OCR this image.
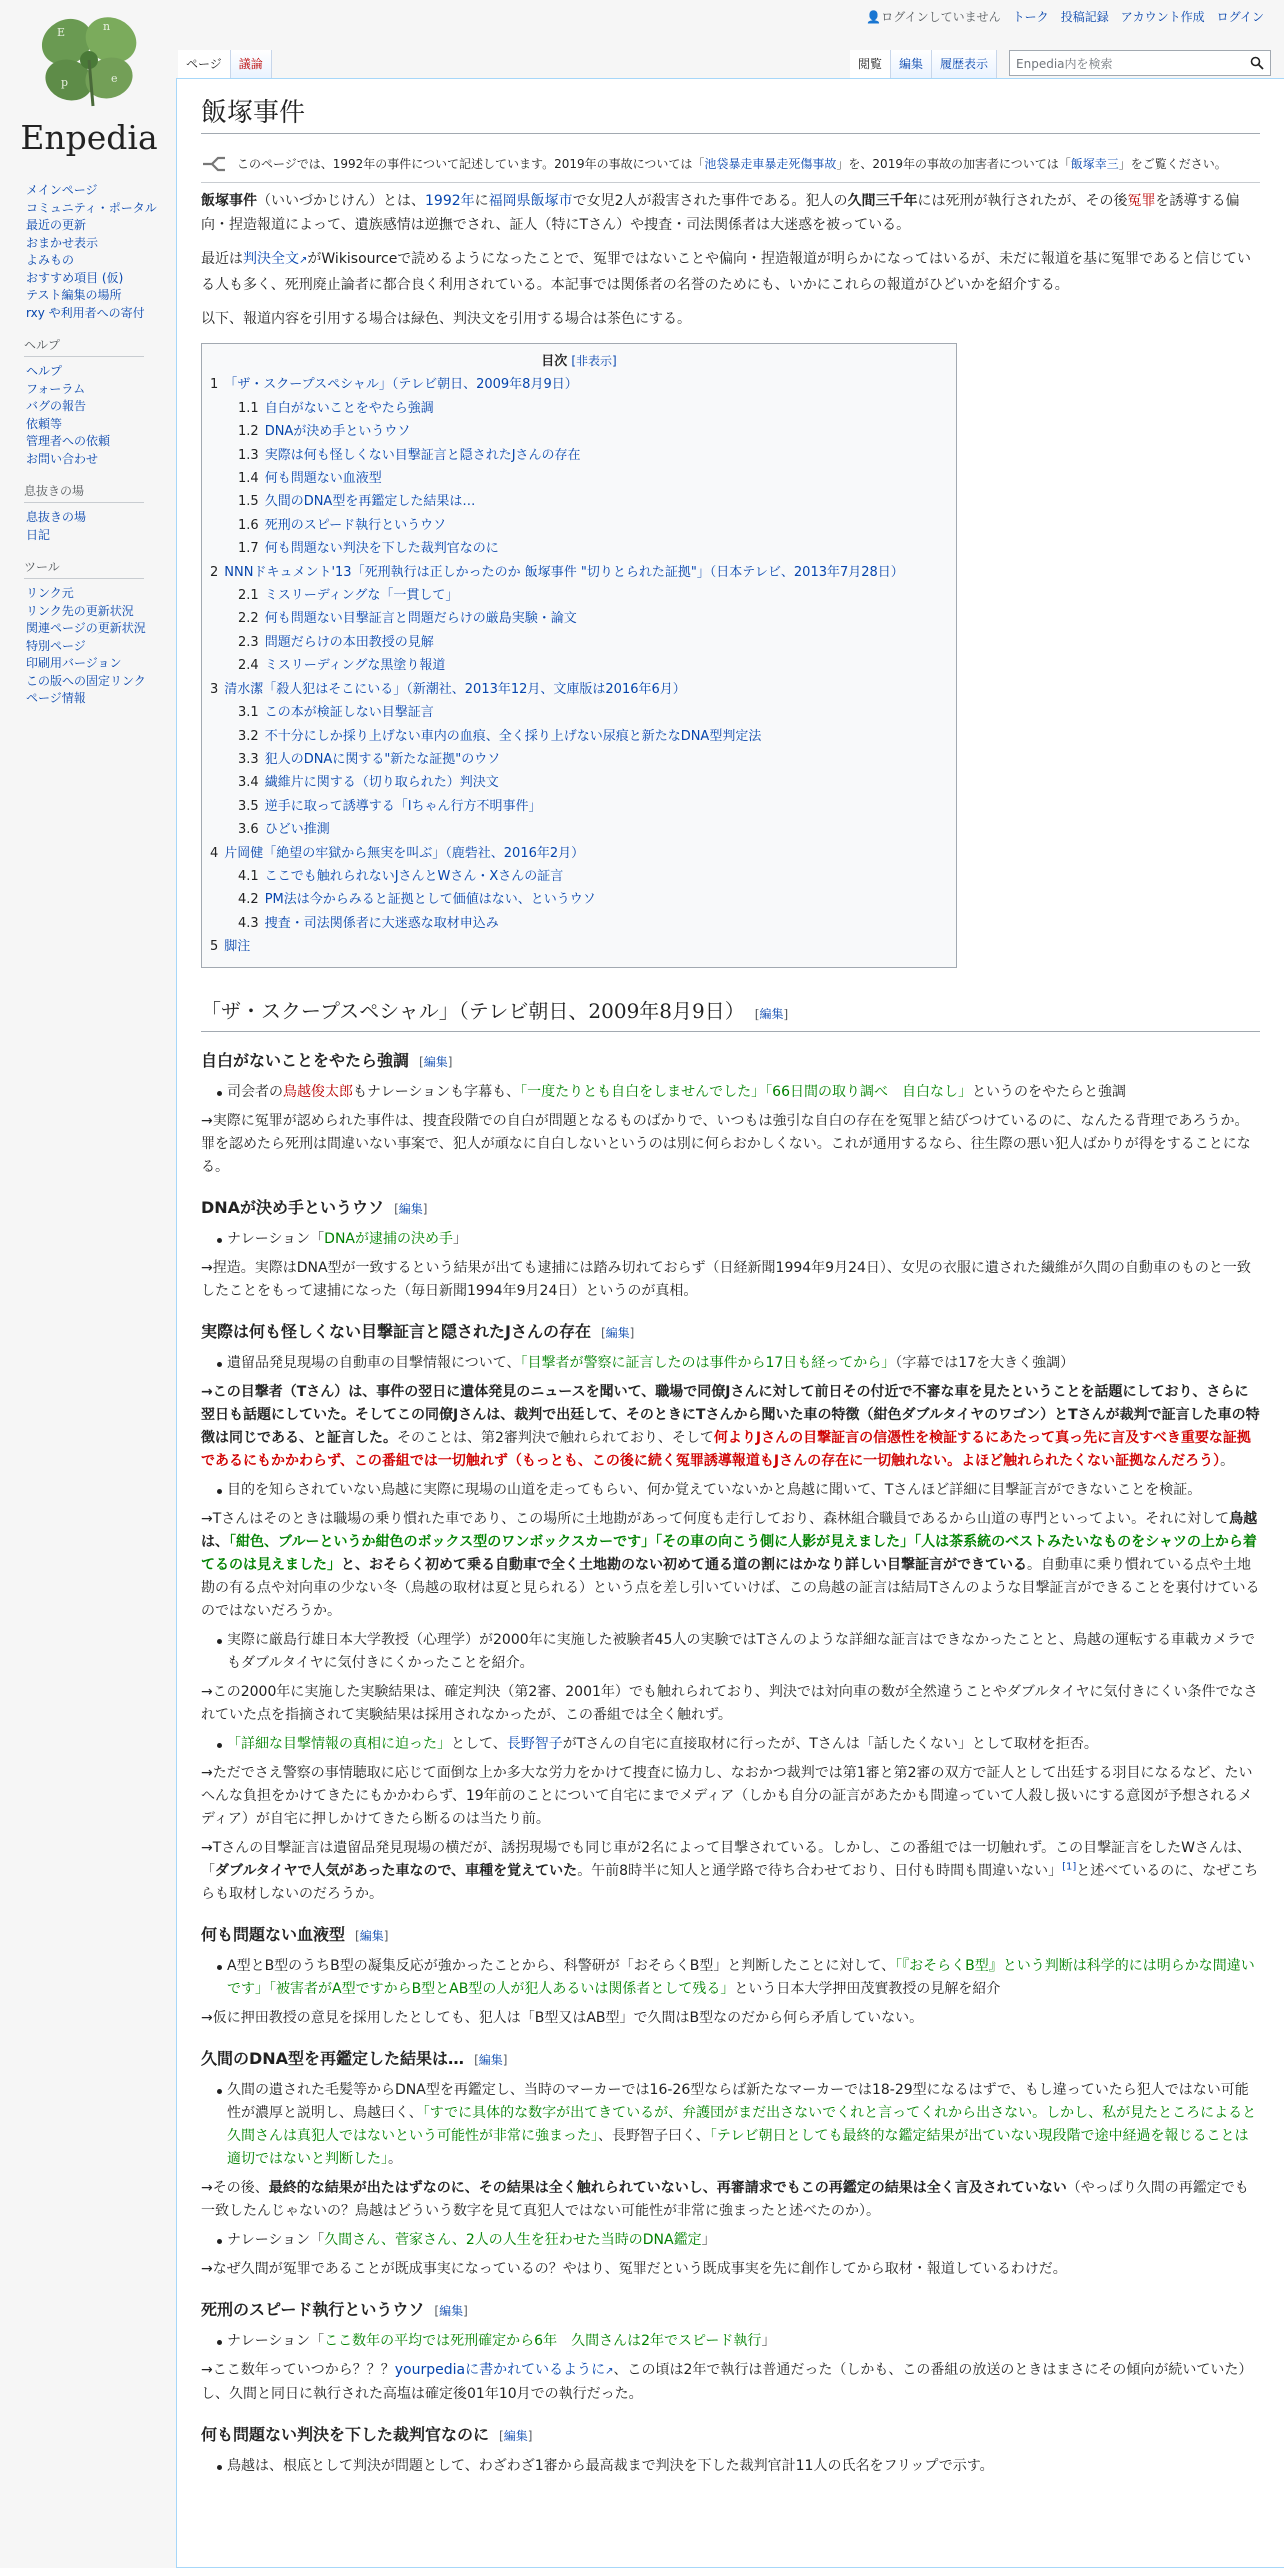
E	n
p	e
Enpedia
👤ログインしていません トーク 投稿記録 アカウント作成 ログイン
メインページ
コミュニティ・ポータル
最近の更新
おまかせ表示
よみもの
おすすめ項目 (仮)
テスト編集の場所
rxy や利用者への寄付
ヘルプ
ヘルプ
フォーラム
バグの報告
依頼等
管理者への依頼
お問い合わせ
息抜きの場
息抜きの場
日記
ツール
リンク元
リンク先の更新状況
関連ページの更新状況
特別ページ
印刷用バージョン
この版への固定リンク
ページ情報
ページ	議論	閲覧	編集	履歴表示	Enpedia内を検索
飯塚事件
このページでは、1992年の事件について記述しています。2019年の事故については「池袋暴走車暴走死傷事故」を、2019年の事故の加害者については「飯塚幸三」をご覧ください。

飯塚事件（いいづかじけん）とは、1992年に福岡県飯塚市で女児2人が殺害された事件である。犯人の久間三千年には死刑が執行されたが、その後冤罪を誘導する偏向・捏造報道によって、遺族感情は逆撫でされ、証人（特にTさん）や捜査・司法関係者は大迷惑を被っている。

最近は判決全文↗がWikisourceで読めるようになったことで、冤罪ではないことや偏向・捏造報道が明らかになってはいるが、未だに報道を基に冤罪であると信じている人も多く、死刑廃止論者に都合良く利用されている。本記事では関係者の名誉のためにも、いかにこれらの報道がひどいかを紹介する。

以下、報道内容を引用する場合は緑色、判決文を引用する場合は茶色にする。

目次 [非表示]
1 「ザ・スクープスペシャル」（テレビ朝日、2009年8月9日）
1.1 自白がないことをやたら強調
1.2 DNAが決め手というウソ
1.3 実際は何も怪しくない目撃証言と隠されたJさんの存在
1.4 何も問題ない血液型
1.5 久間のDNA型を再鑑定した結果は…
1.6 死刑のスピード執行というウソ
1.7 何も問題ない判決を下した裁判官なのに
2 NNNドキュメント'13「死刑執行は正しかったのか 飯塚事件 "切りとられた証拠"」（日本テレビ、2013年7月28日）
2.1 ミスリーディングな「一貫して」
2.2 何も問題ない目撃証言と問題だらけの厳島実験・論文
2.3 問題だらけの本田教授の見解
2.4 ミスリーディングな黒塗り報道
3 清水潔「殺人犯はそこにいる」（新潮社、2013年12月、文庫版は2016年6月）
3.1 この本が検証しない目撃証言
3.2 不十分にしか採り上げない車内の血痕、全く採り上げない尿痕と新たなDNA型判定法
3.3 犯人のDNAに関する"新たな証拠"のウソ
3.4 繊維片に関する（切り取られた）判決文
3.5 逆手に取って誘導する「Iちゃん行方不明事件」
3.6 ひどい推測
4 片岡健「絶望の牢獄から無実を叫ぶ」（鹿砦社、2016年2月）
4.1 ここでも触れられないJさんとWさん・Xさんの証言
4.2 PM法は今からみると証拠として価値はない、というウソ
4.3 捜査・司法関係者に大迷惑な取材申込み
5 脚注
「ザ・スクープスペシャル」（テレビ朝日、2009年8月9日） [編集]
自白がないことをやたら強調 [編集]
司会者の鳥越俊太郎もナレーションも字幕も、「一度たりとも自白をしませんでした」「66日間の取り調べ　自白なし」というのをやたらと強調
→実際に冤罪が認められた事件は、捜査段階での自白が問題となるものばかりで、いつもは強引な自白の存在を冤罪と結びつけているのに、なんたる背理であろうか。罪を認めたら死刑は間違いない事案で、犯人が頑なに自白しないというのは別に何らおかしくない。これが通用するなら、往生際の悪い犯人ばかりが得をすることになる。
DNAが決め手というウソ [編集]
ナレーション「DNAが逮捕の決め手」
→捏造。実際はDNA型が一致するという結果が出ても逮捕には踏み切れておらず（日経新聞1994年9月24日）、女児の衣服に遺された繊維が久間の自動車のものと一致したことをもって逮捕になった（毎日新聞1994年9月24日）というのが真相。
実際は何も怪しくない目撃証言と隠されたJさんの存在 [編集]
遺留品発見現場の自動車の目撃情報について、「目撃者が警察に証言したのは事件から17日も経ってから」（字幕では17を大きく強調）
→この目撃者（Tさん）は、事件の翌日に遺体発見のニュースを聞いて、職場で同僚Jさんに対して前日その付近で不審な車を見たということを話題にしており、さらに翌日も話題にしていた。そしてこの同僚Jさんは、裁判で出廷して、そのときにTさんから聞いた車の特徴（紺色ダブルタイヤのワゴン）とTさんが裁判で証言した車の特徴は同じである、と証言した。そのことは、第2審判決で触れられており、そして何よりJさんの目撃証言の信憑性を検証するにあたって真っ先に言及すべき重要な証拠であるにもかかわらず、この番組では一切触れず（もっとも、この後に続く冤罪誘導報道もJさんの存在に一切触れない。よほど触れられたくない証拠なんだろう）。
目的を知らされていない鳥越に実際に現場の山道を走ってもらい、何か覚えていないかと鳥越に聞いて、Tさんほど詳細に目撃証言ができないことを検証。
→Tさんはそのときは職場の乗り慣れた車であり、この場所に土地勘があって何度も走行しており、森林組合職員であるから山道の専門といってよい。それに対して鳥越は、「紺色、ブルーというか紺色のボックス型のワンボックスカーです」「その車の向こう側に人影が見えました」「人は茶系統のベストみたいなものをシャツの上から着てるのは見えました」と、おそらく初めて乗る自動車で全く土地勘のない初めて通る道の割にはかなり詳しい目撃証言ができている。自動車に乗り慣れている点や土地勘の有る点や対向車の少ない冬（鳥越の取材は夏と見られる）という点を差し引いていけば、この鳥越の証言は結局Tさんのような目撃証言ができることを裏付けているのではないだろうか。
実際に厳島行雄日本大学教授（心理学）が2000年に実施した被験者45人の実験ではTさんのような詳細な証言はできなかったことと、鳥越の運転する車載カメラでもダブルタイヤに気付きにくかったことを紹介。
→この2000年に実施した実験結果は、確定判決（第2審、2001年）でも触れられており、判決では対向車の数が全然違うことやダブルタイヤに気付きにくい条件でなされていた点を指摘されて実験結果は採用されなかったが、この番組では全く触れず。
「詳細な目撃情報の真相に迫った」として、長野智子がTさんの自宅に直接取材に行ったが、Tさんは「話したくない」として取材を拒否。
→ただでさえ警察の事情聴取に応じて面倒な上か多大な労力をかけて捜査に協力し、なおかつ裁判では第1審と第2審の双方で証人として出廷する羽目になるなど、たいへんな負担をかけてきたにもかかわらず、19年前のことについて自宅にまでメディア（しかも自分の証言があたかも間違っていて人殺し扱いにする意図が予想されるメディア）が自宅に押しかけてきたら断るのは当たり前。
→Tさんの目撃証言は遺留品発見現場の横だが、誘拐現場でも同じ車が2名によって目撃されている。しかし、この番組では一切触れず。この目撃証言をしたWさんは、「ダブルタイヤで人気があった車なので、車種を覚えていた。午前8時半に知人と通学路で待ち合わせており、日付も時間も間違いない」[1]と述べているのに、なぜこちらも取材しないのだろうか。
何も問題ない血液型 [編集]
A型とB型のうちB型の凝集反応が強かったことから、科警研が「おそらくB型」と判断したことに対して、「『おそらくB型』という判断は科学的には明らかな間違いです」「被害者がA型ですからB型とAB型の人が犯人あるいは関係者として残る」という日本大学押田茂實教授の見解を紹介
→仮に押田教授の意見を採用したとしても、犯人は「B型又はAB型」で久間はB型なのだから何ら矛盾していない。
久間のDNA型を再鑑定した結果は… [編集]
久間の遺された毛髪等からDNA型を再鑑定し、当時のマーカーでは16-26型ならば新たなマーカーでは18-29型になるはずで、もし違っていたら犯人ではない可能性が濃厚と説明し、鳥越曰く、「すでに具体的な数字が出てきているが、弁護団がまだ出さないでくれと言ってくれから出さない。しかし、私が見たところによると久間さんは真犯人ではないという可能性が非常に強まった」、長野智子曰く、「テレビ朝日としても最終的な鑑定結果が出ていない現段階で途中経過を報じることは適切ではないと判断した」。
→その後、最終的な結果が出たはずなのに、その結果は全く触れられていないし、再審請求でもこの再鑑定の結果は全く言及されていない（やっぱり久間の再鑑定でも一致したんじゃないの？鳥越はどういう数字を見て真犯人ではない可能性が非常に強まったと述べたのか）。
ナレーション「久間さん、菅家さん、2人の人生を狂わせた当時のDNA鑑定」
→なぜ久間が冤罪であることが既成事実になっているの？やはり、冤罪だという既成事実を先に創作してから取材・報道しているわけだ。
死刑のスピード執行というウソ [編集]
ナレーション「ここ数年の平均では死刑確定から6年　久間さんは2年でスピード執行」
→ここ数年っていつから？？？yourpediaに書かれているように↗、この頃は2年で執行は普通だった（しかも、この番組の放送のときはまさにその傾向が続いていた）し、久間と同日に執行された高塩は確定後01年10月での執行だった。
何も問題ない判決を下した裁判官なのに [編集]
鳥越は、根底として判決が問題として、わざわざ1審から最高裁まで判決を下した裁判官計11人の氏名をフリップで示す。
